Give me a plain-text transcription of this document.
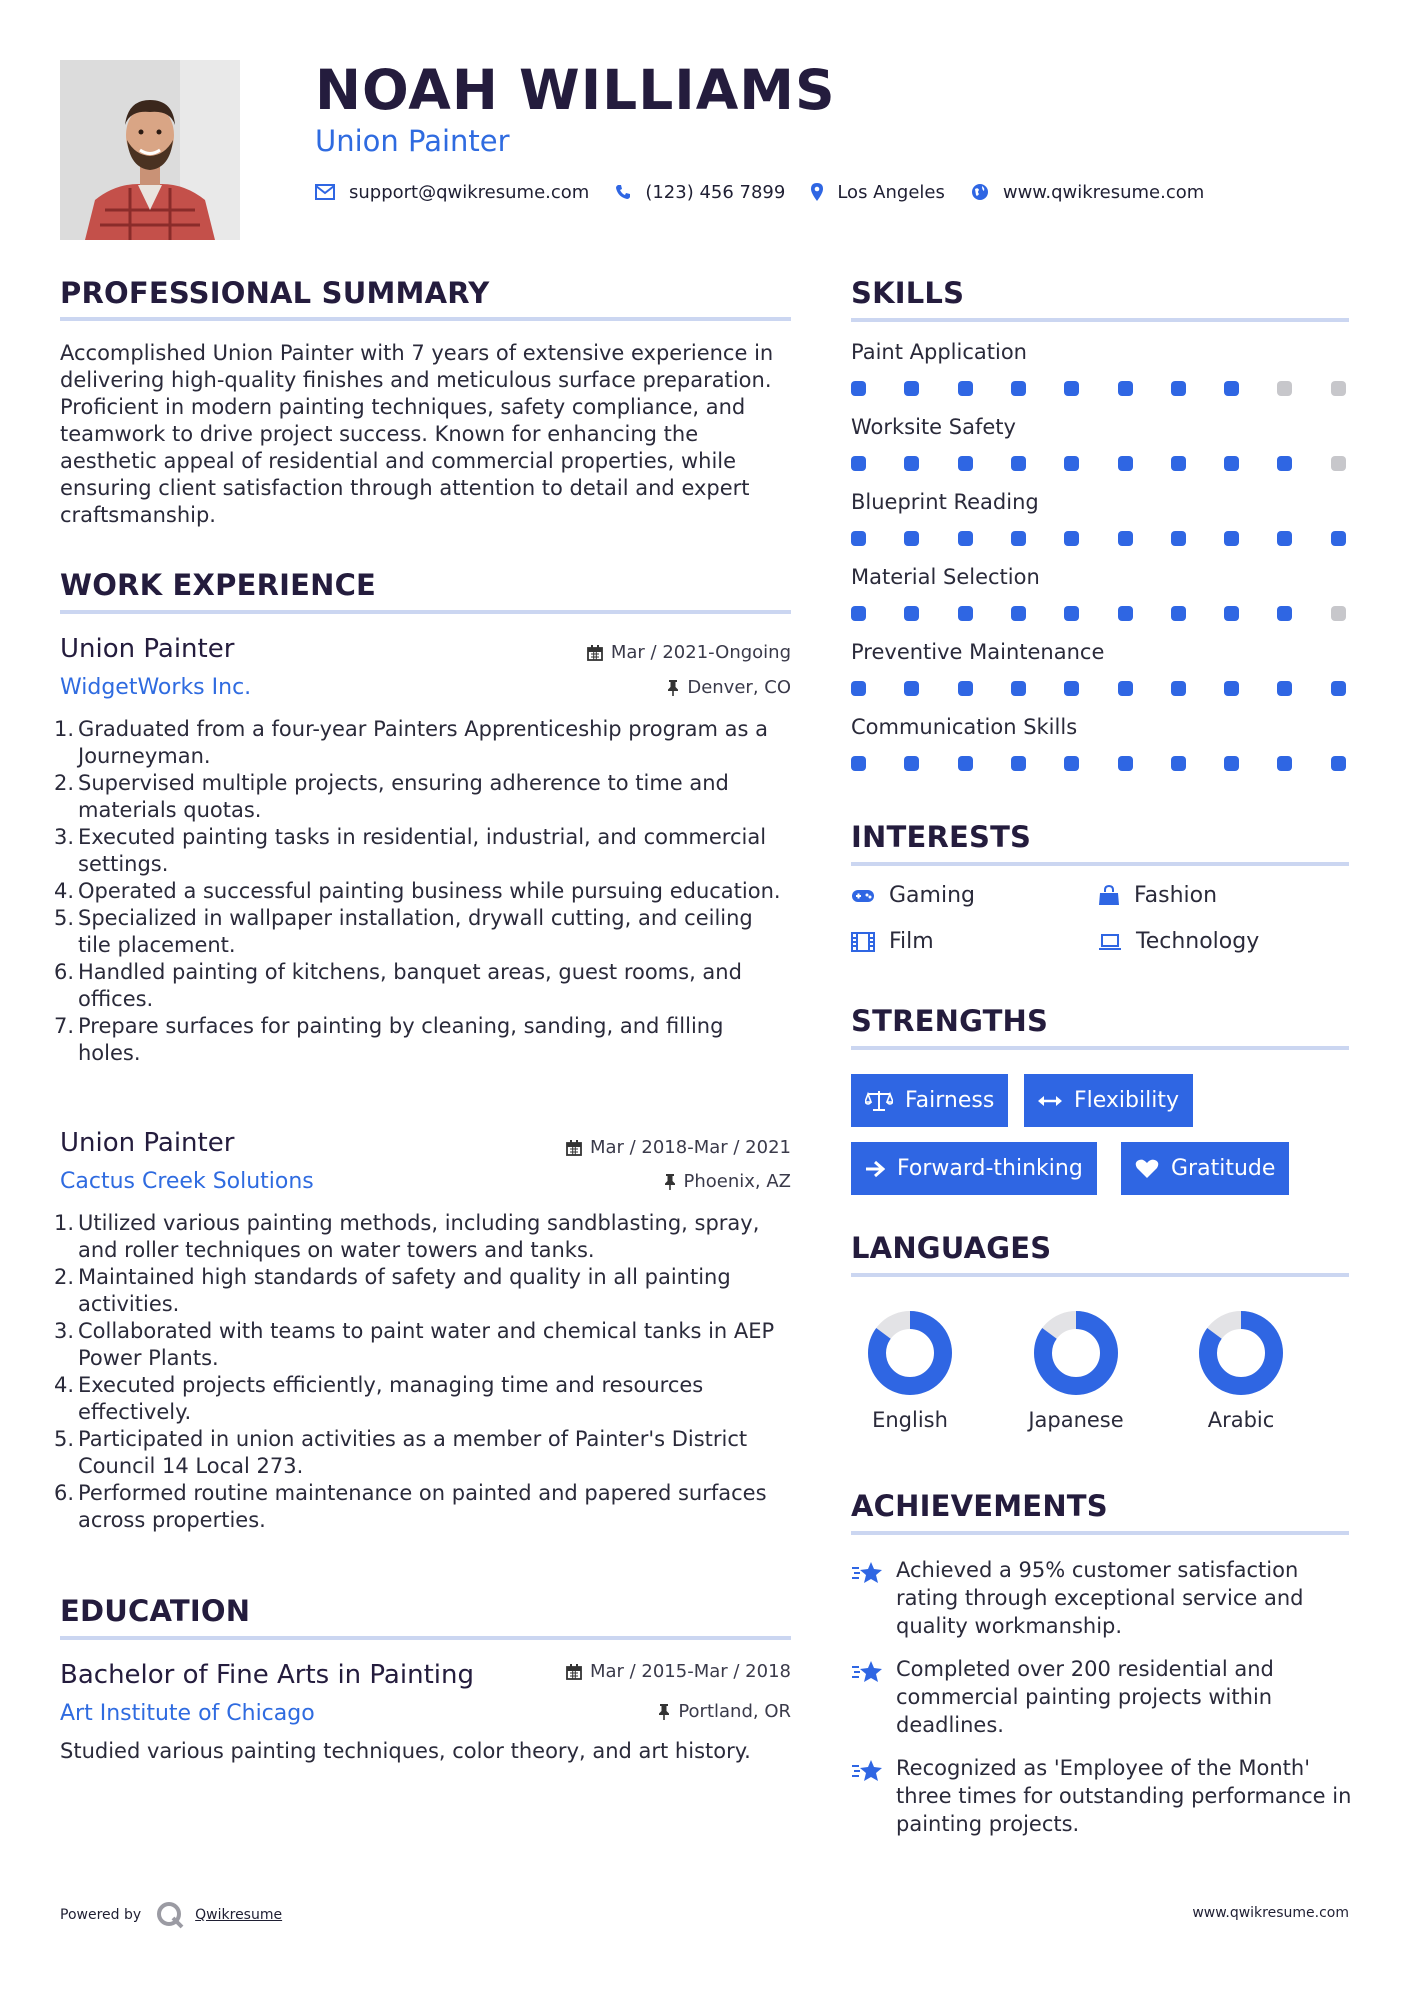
NOAH WILLIAMS
Union Painter
support@qwikresume.com	(123) 456 7899	Los Angeles	www.qwikresume.com
PROFESSIONAL SUMMARY
Accomplished Union Painter with 7 years of extensive experience in delivering high-quality finishes and meticulous surface preparation. Proficient in modern painting techniques, safety compliance, and teamwork to drive project success. Known for enhancing the aesthetic appeal of residential and commercial properties, while ensuring client satisfaction through attention to detail and expert craftsmanship.
WORK EXPERIENCE
Union Painter
WidgetWorks Inc.
Mar / 2021-Ongoing
Denver, CO
1. Graduated from a four-year Painters Apprenticeship program as a Journeyman.
2. Supervised multiple projects, ensuring adherence to time and materials quotas.
3. Executed painting tasks in residential, industrial, and commercial settings.
4. Operated a successful painting business while pursuing education.
5. Specialized in wallpaper installation, drywall cutting, and ceiling tile placement.
6. Handled painting of kitchens, banquet areas, guest rooms, and offices.
7. Prepare surfaces for painting by cleaning, sanding, and filling holes.
Union Painter
Cactus Creek Solutions
Mar / 2018-Mar / 2021
Phoenix, AZ
1. Utilized various painting methods, including sandblasting, spray, and roller techniques on water towers and tanks.
2. Maintained high standards of safety and quality in all painting activities.
3. Collaborated with teams to paint water and chemical tanks in AEP Power Plants.
4. Executed projects efficiently, managing time and resources effectively.
5. Participated in union activities as a member of Painter's District Council 14 Local 273.
6. Performed routine maintenance on painted and papered surfaces across properties.
EDUCATION
Bachelor of Fine Arts in Painting
Art Institute of Chicago
Mar / 2015-Mar / 2018
Portland, OR
Studied various painting techniques, color theory, and art history.
SKILLS
Paint Application
Worksite Safety
Blueprint Reading
Material Selection
Preventive Maintenance
Communication Skills
INTERESTS
Gaming	Fashion
Film	Technology
STRENGTHS
Fairness	Flexibility
Forward-thinking	Gratitude
LANGUAGES
English	Japanese	Arabic
ACHIEVEMENTS
Achieved a 95% customer satisfaction rating through exceptional service and quality workmanship.
Completed over 200 residential and commercial painting projects within deadlines.
Recognized as 'Employee of the Month' three times for outstanding performance in painting projects.
Powered by	Qwikresume	www.qwikresume.com
